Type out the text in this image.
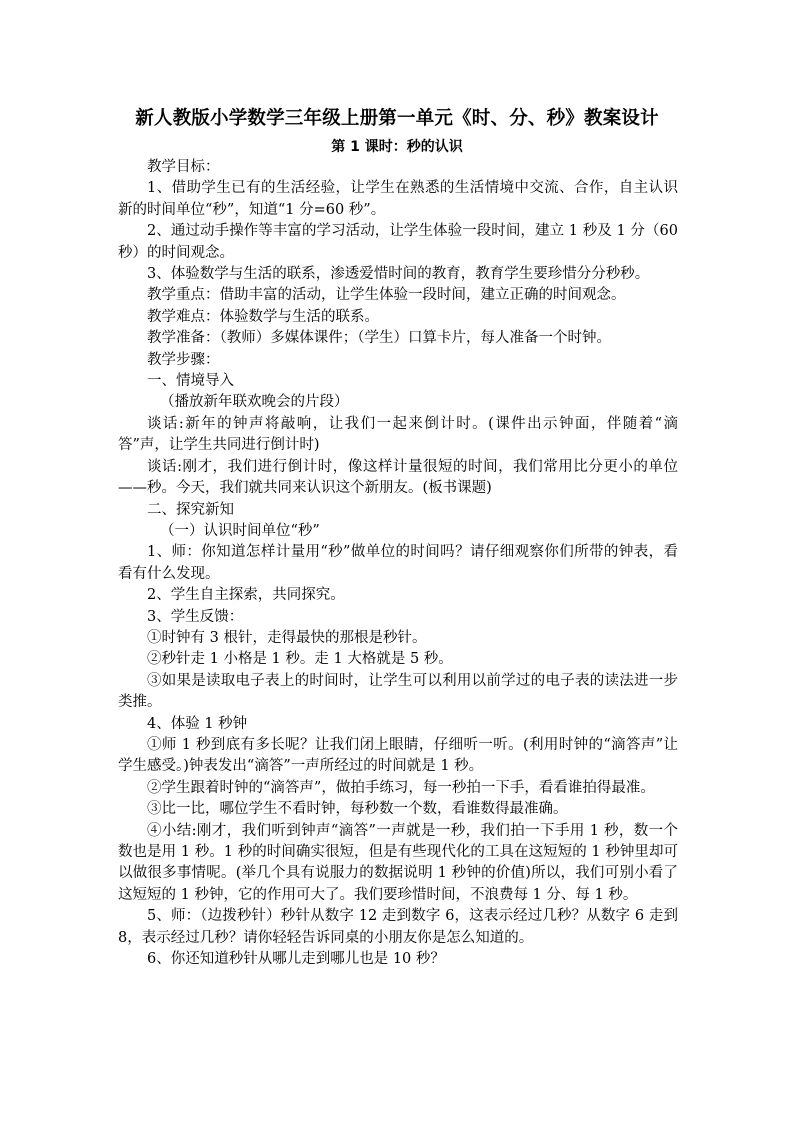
新人教版小学数学三年级上册第一单元《时、分、秒》教案设计
第 1 课时：秒的认识

教学目标：

1、借助学生已有的生活经验，让学生在熟悉的生活情境中交流、合作，自主认识新的时间单位“秒”，知道“1 分=60 秒”。

2、通过动手操作等丰富的学习活动，让学生体验一段时间，建立 1 秒及 1 分（60 秒）的时间观念。

3、体验数学与生活的联系，渗透爱惜时间的教育，教育学生要珍惜分分秒秒。

教学重点：借助丰富的活动，让学生体验一段时间，建立正确的时间观念。

教学难点：体验数学与生活的联系。

教学准备：（教师）多媒体课件；（学生）口算卡片，每人准备一个时钟。

教学步骤：

一、情境导入

（播放新年联欢晚会的片段）

谈话:新年的钟声将敲响，让我们一起来倒计时。(课件出示钟面，伴随着“滴答”声，让学生共同进行倒计时)

谈话:刚才，我们进行倒计时，像这样计量很短的时间，我们常用比分更小的单位——秒。今天，我们就共同来认识这个新朋友。(板书课题)

二、探究新知

（一）认识时间单位“秒”

1、师：你知道怎样计量用“秒”做单位的时间吗？请仔细观察你们所带的钟表，看看有什么发现。

2、学生自主探索，共同探究。

3、学生反馈：

①时钟有 3 根针，走得最快的那根是秒针。

②秒针走 1 小格是 1 秒。走 1 大格就是 5 秒。

③如果是读取电子表上的时间时，让学生可以利用以前学过的电子表的读法进一步类推。

4、体验 1 秒钟

①师 1 秒到底有多长呢？让我们闭上眼睛，仔细听一听。(利用时钟的“滴答声”让学生感受。)钟表发出“滴答”一声所经过的时间就是 1 秒。

②学生跟着时钟的“滴答声”，做拍手练习，每一秒拍一下手，看看谁拍得最准。

③比一比，哪位学生不看时钟，每秒数一个数，看谁数得最准确。

④小结:刚才，我们听到钟声“滴答”一声就是一秒，我们拍一下手用 1 秒，数一个数也是用 1 秒。1 秒的时间确实很短，但是有些现代化的工具在这短短的 1 秒钟里却可以做很多事情呢。(举几个具有说服力的数据说明 1 秒钟的价值)所以，我们可别小看了这短短的 1 秒钟，它的作用可大了。我们要珍惜时间，不浪费每 1 分、每 1 秒。

5、师：（边拨秒针）秒针从数字 12 走到数字 6，这表示经过几秒？从数字 6 走到 8，表示经过几秒？请你轻轻告诉同桌的小朋友你是怎么知道的。

6、你还知道秒针从哪儿走到哪儿也是 10 秒？
